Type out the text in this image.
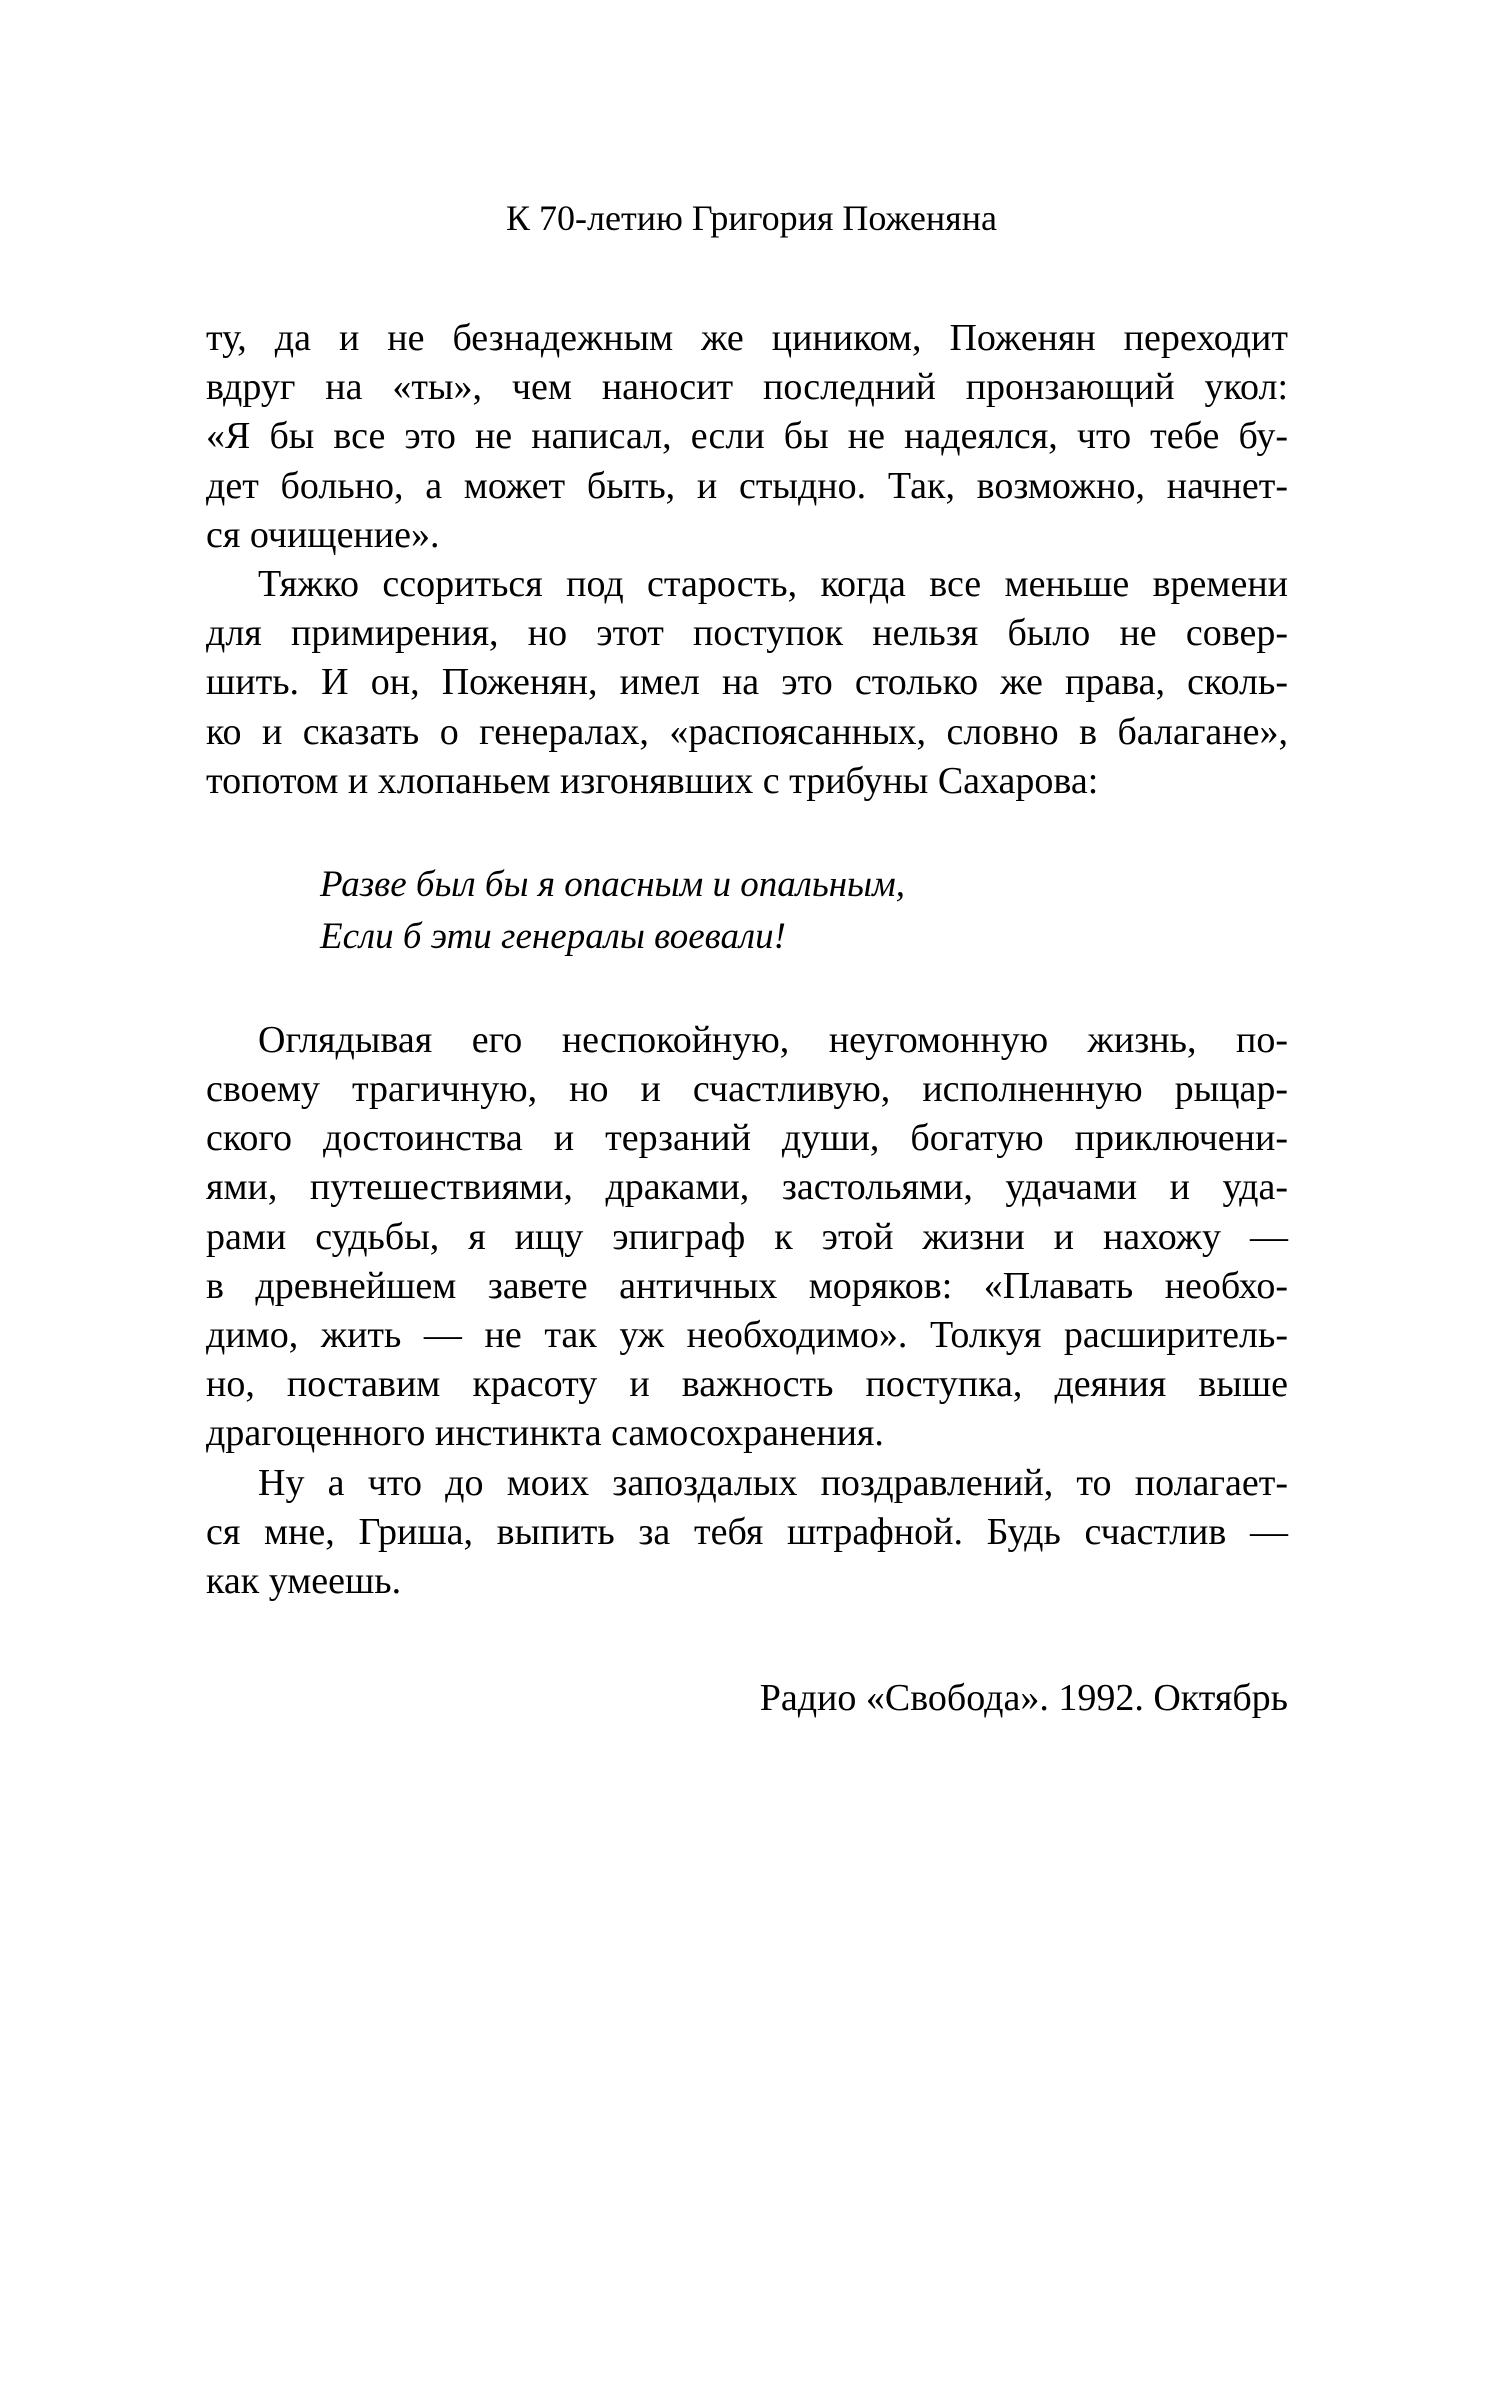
К 70-летию Григория Поженяна
ту, да и не безнадежным же циником, Поженян переходит
вдруг на «ты», чем наносит последний пронзающий укол:
«Я бы все это не написал, если бы не надеялся, что тебе бу-
дет больно, а может быть, и стыдно. Так, возможно, начнет-
ся очищение».
Тяжко ссориться под старость, когда все меньше времени
для примирения, но этот поступок нельзя было не совер-
шить. И он, Поженян, имел на это столько же права, сколь-
ко и сказать о генералах, «распоясанных, словно в балагане»,
топотом и хлопаньем изгонявших с трибуны Сахарова:
Разве был бы я опасным и опальным,
Если б эти генералы воевали!
Оглядывая его неспокойную, неугомонную жизнь, по-
своему трагичную, но и счастливую, исполненную рыцар-
ского достоинства и терзаний души, богатую приключени-
ями, путешествиями, драками, застольями, удачами и уда-
рами судьбы, я ищу эпиграф к этой жизни и нахожу —
в древнейшем завете античных моряков: «Плавать необхо-
димо, жить — не так уж необходимо». Толкуя расширитель-
но, поставим красоту и важность поступка, деяния выше
драгоценного инстинкта самосохранения.
Ну а что до моих запоздалых поздравлений, то полагает-
ся мне, Гриша, выпить за тебя штрафной. Будь счастлив —
как умеешь.
Радио «Свобода». 1992. Октябрь
